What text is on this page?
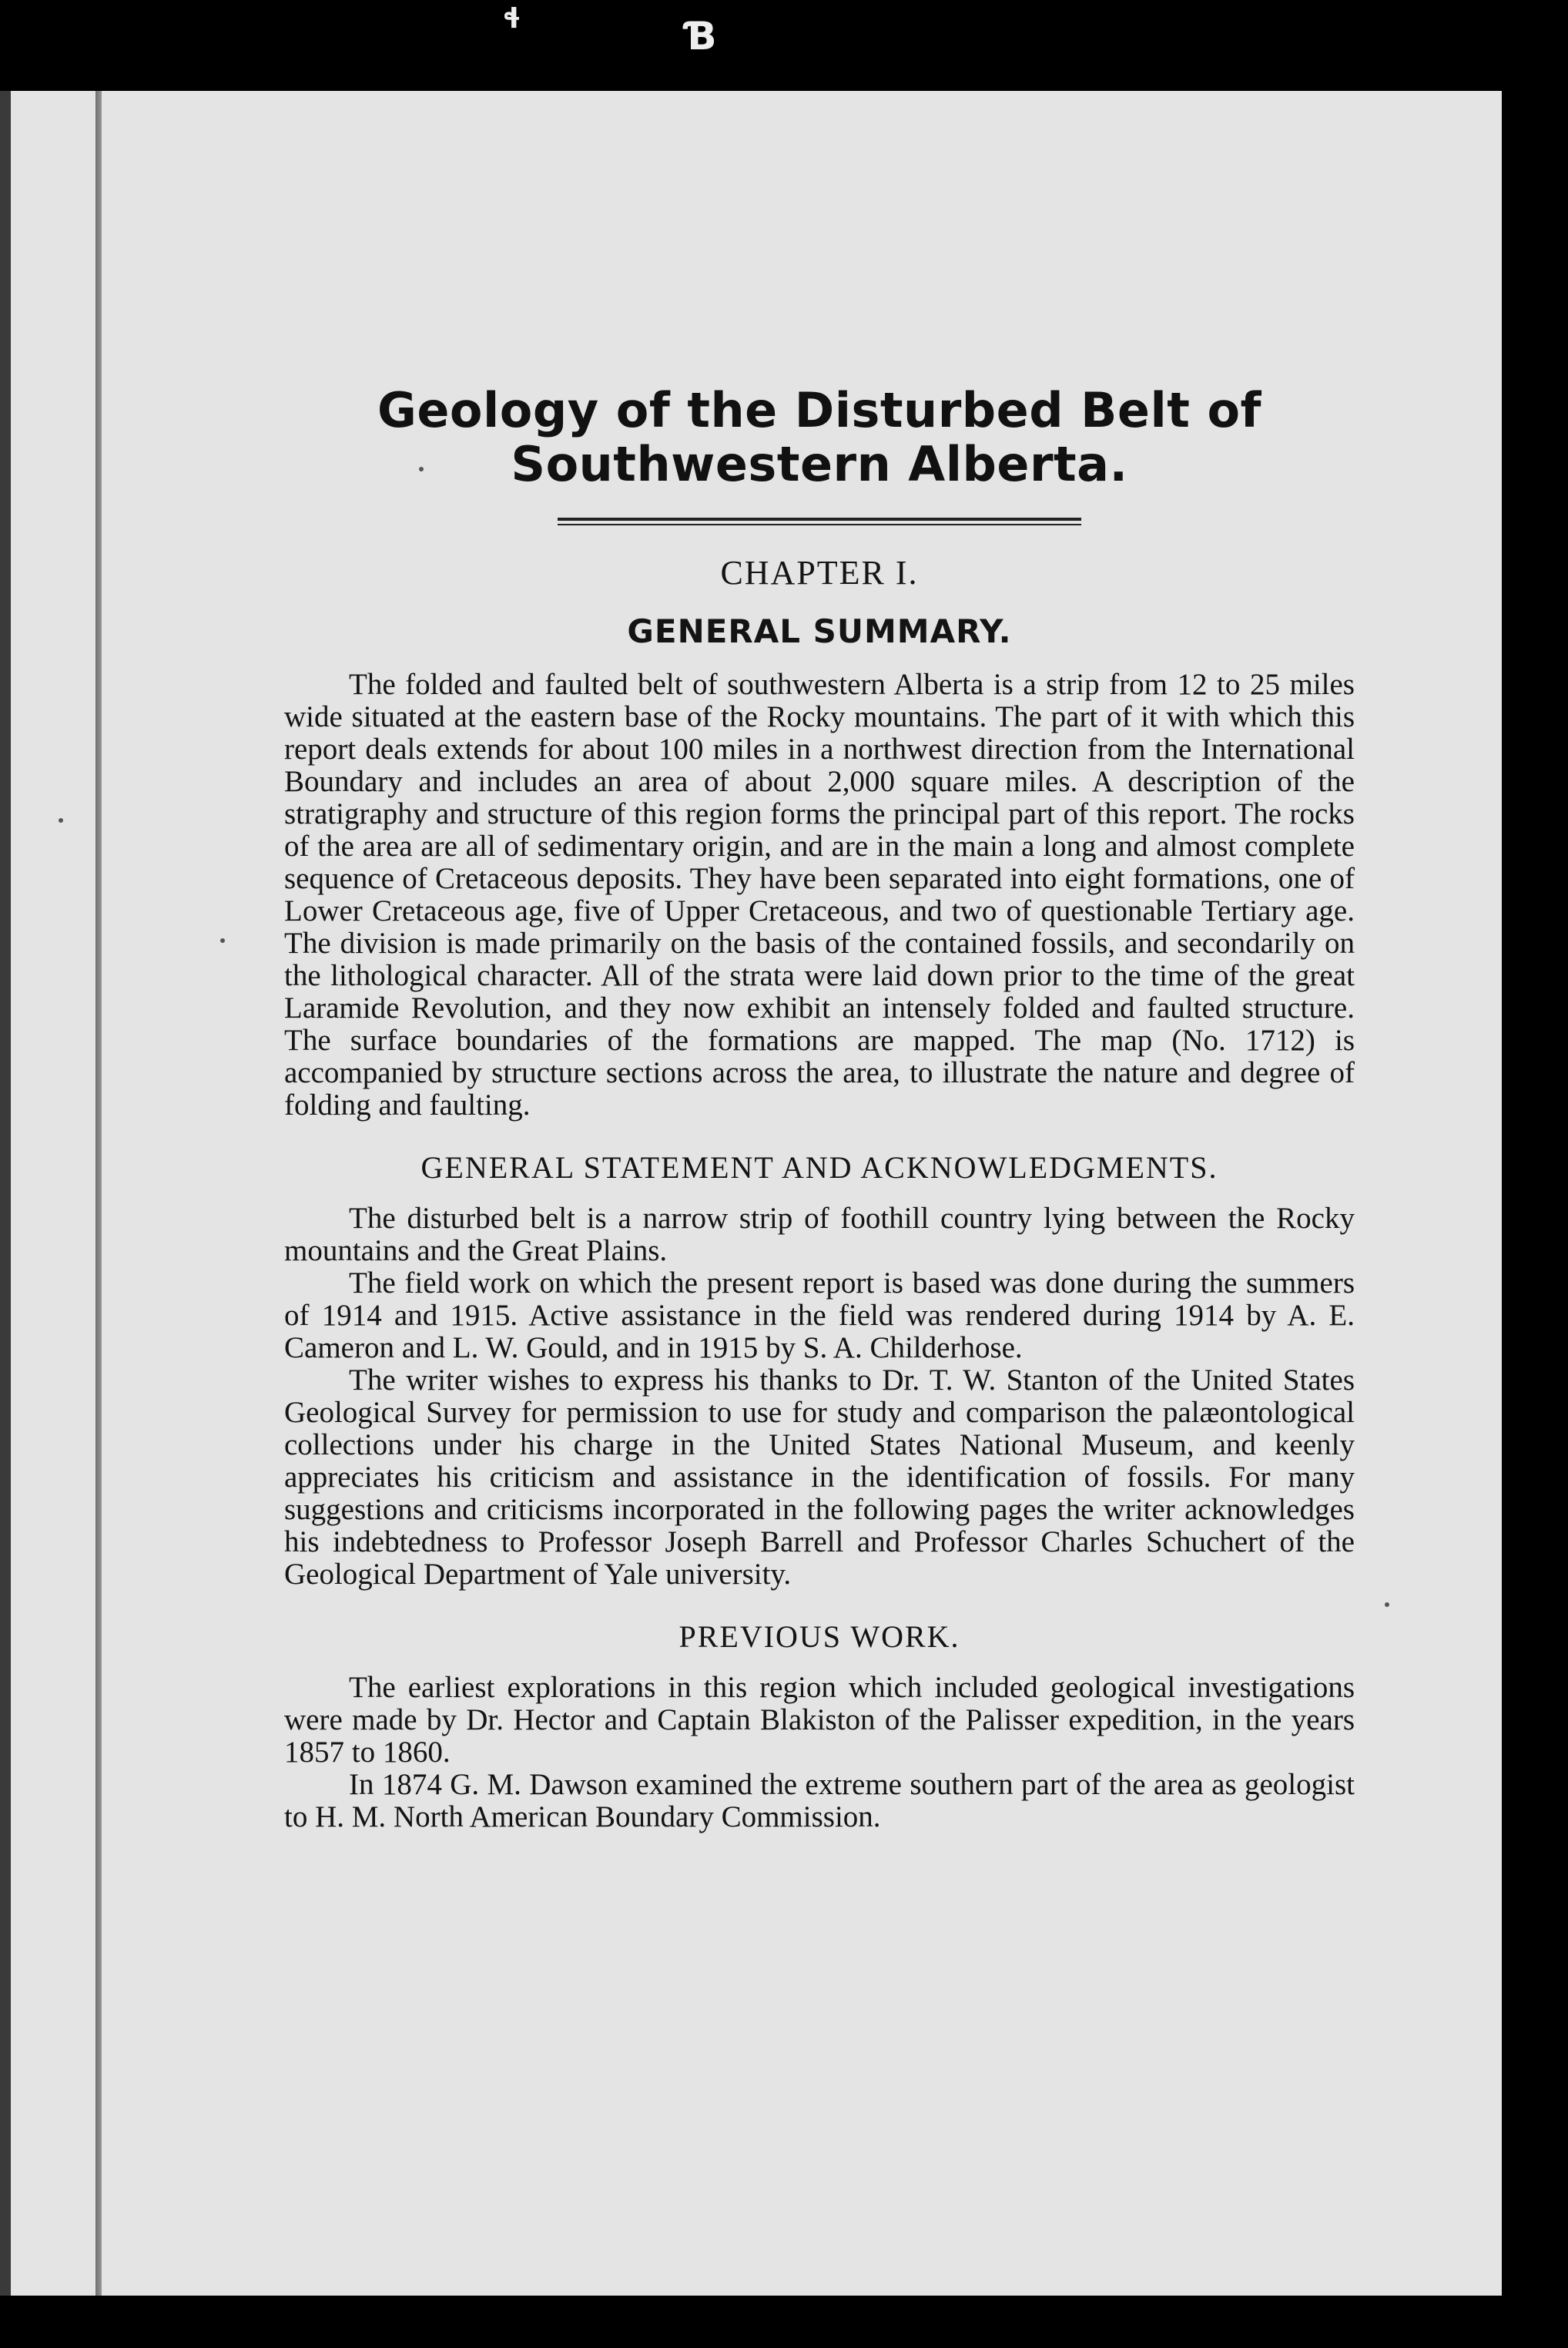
ɬ	Ɓ
Geology of the Disturbed Belt of
Southwestern Alberta.
CHAPTER I.
GENERAL SUMMARY.

The folded and faulted belt of southwestern Alberta is a strip from 12 to 25 miles wide situated at the eastern base of the Rocky mountains. The part of it with which this report deals extends for about 100 miles in a northwest direction from the International Boundary and includes an area of about 2,000 square miles. A description of the stratigraphy and structure of this region forms the principal part of this report. The rocks of the area are all of sedimentary origin, and are in the main a long and almost complete sequence of Cretaceous deposits. They have been separated into eight formations, one of Lower Cretaceous age, five of Upper Cretaceous, and two of questionable Tertiary age. The division is made primarily on the basis of the contained fossils, and secondarily on the lithological character. All of the strata were laid down prior to the time of the great Laramide Revolution, and they now exhibit an intensely folded and faulted structure. The surface boundaries of the formations are mapped. The map (No. 1712) is accompanied by structure sections across the area, to illustrate the nature and degree of folding and faulting.

GENERAL STATEMENT AND ACKNOWLEDGMENTS.

The disturbed belt is a narrow strip of foothill country lying between the Rocky mountains and the Great Plains.

The field work on which the present report is based was done during the summers of 1914 and 1915. Active assistance in the field was rendered during 1914 by A. E. Cameron and L. W. Gould, and in 1915 by S. A. Childerhose.

The writer wishes to express his thanks to Dr. T. W. Stanton of the United States Geological Survey for permission to use for study and comparison the palæontological collections under his charge in the United States National Museum, and keenly appreciates his criticism and assistance in the identification of fossils. For many suggestions and criticisms incorporated in the following pages the writer acknowledges his indebtedness to Professor Joseph Barrell and Professor Charles Schuchert of the Geological Department of Yale university.

PREVIOUS WORK.

The earliest explorations in this region which included geological investigations were made by Dr. Hector and Captain Blakiston of the Palisser expedition, in the years 1857 to 1860.

In 1874 G. M. Dawson examined the extreme southern part of the area as geologist to H. M. North American Boundary Commission.
